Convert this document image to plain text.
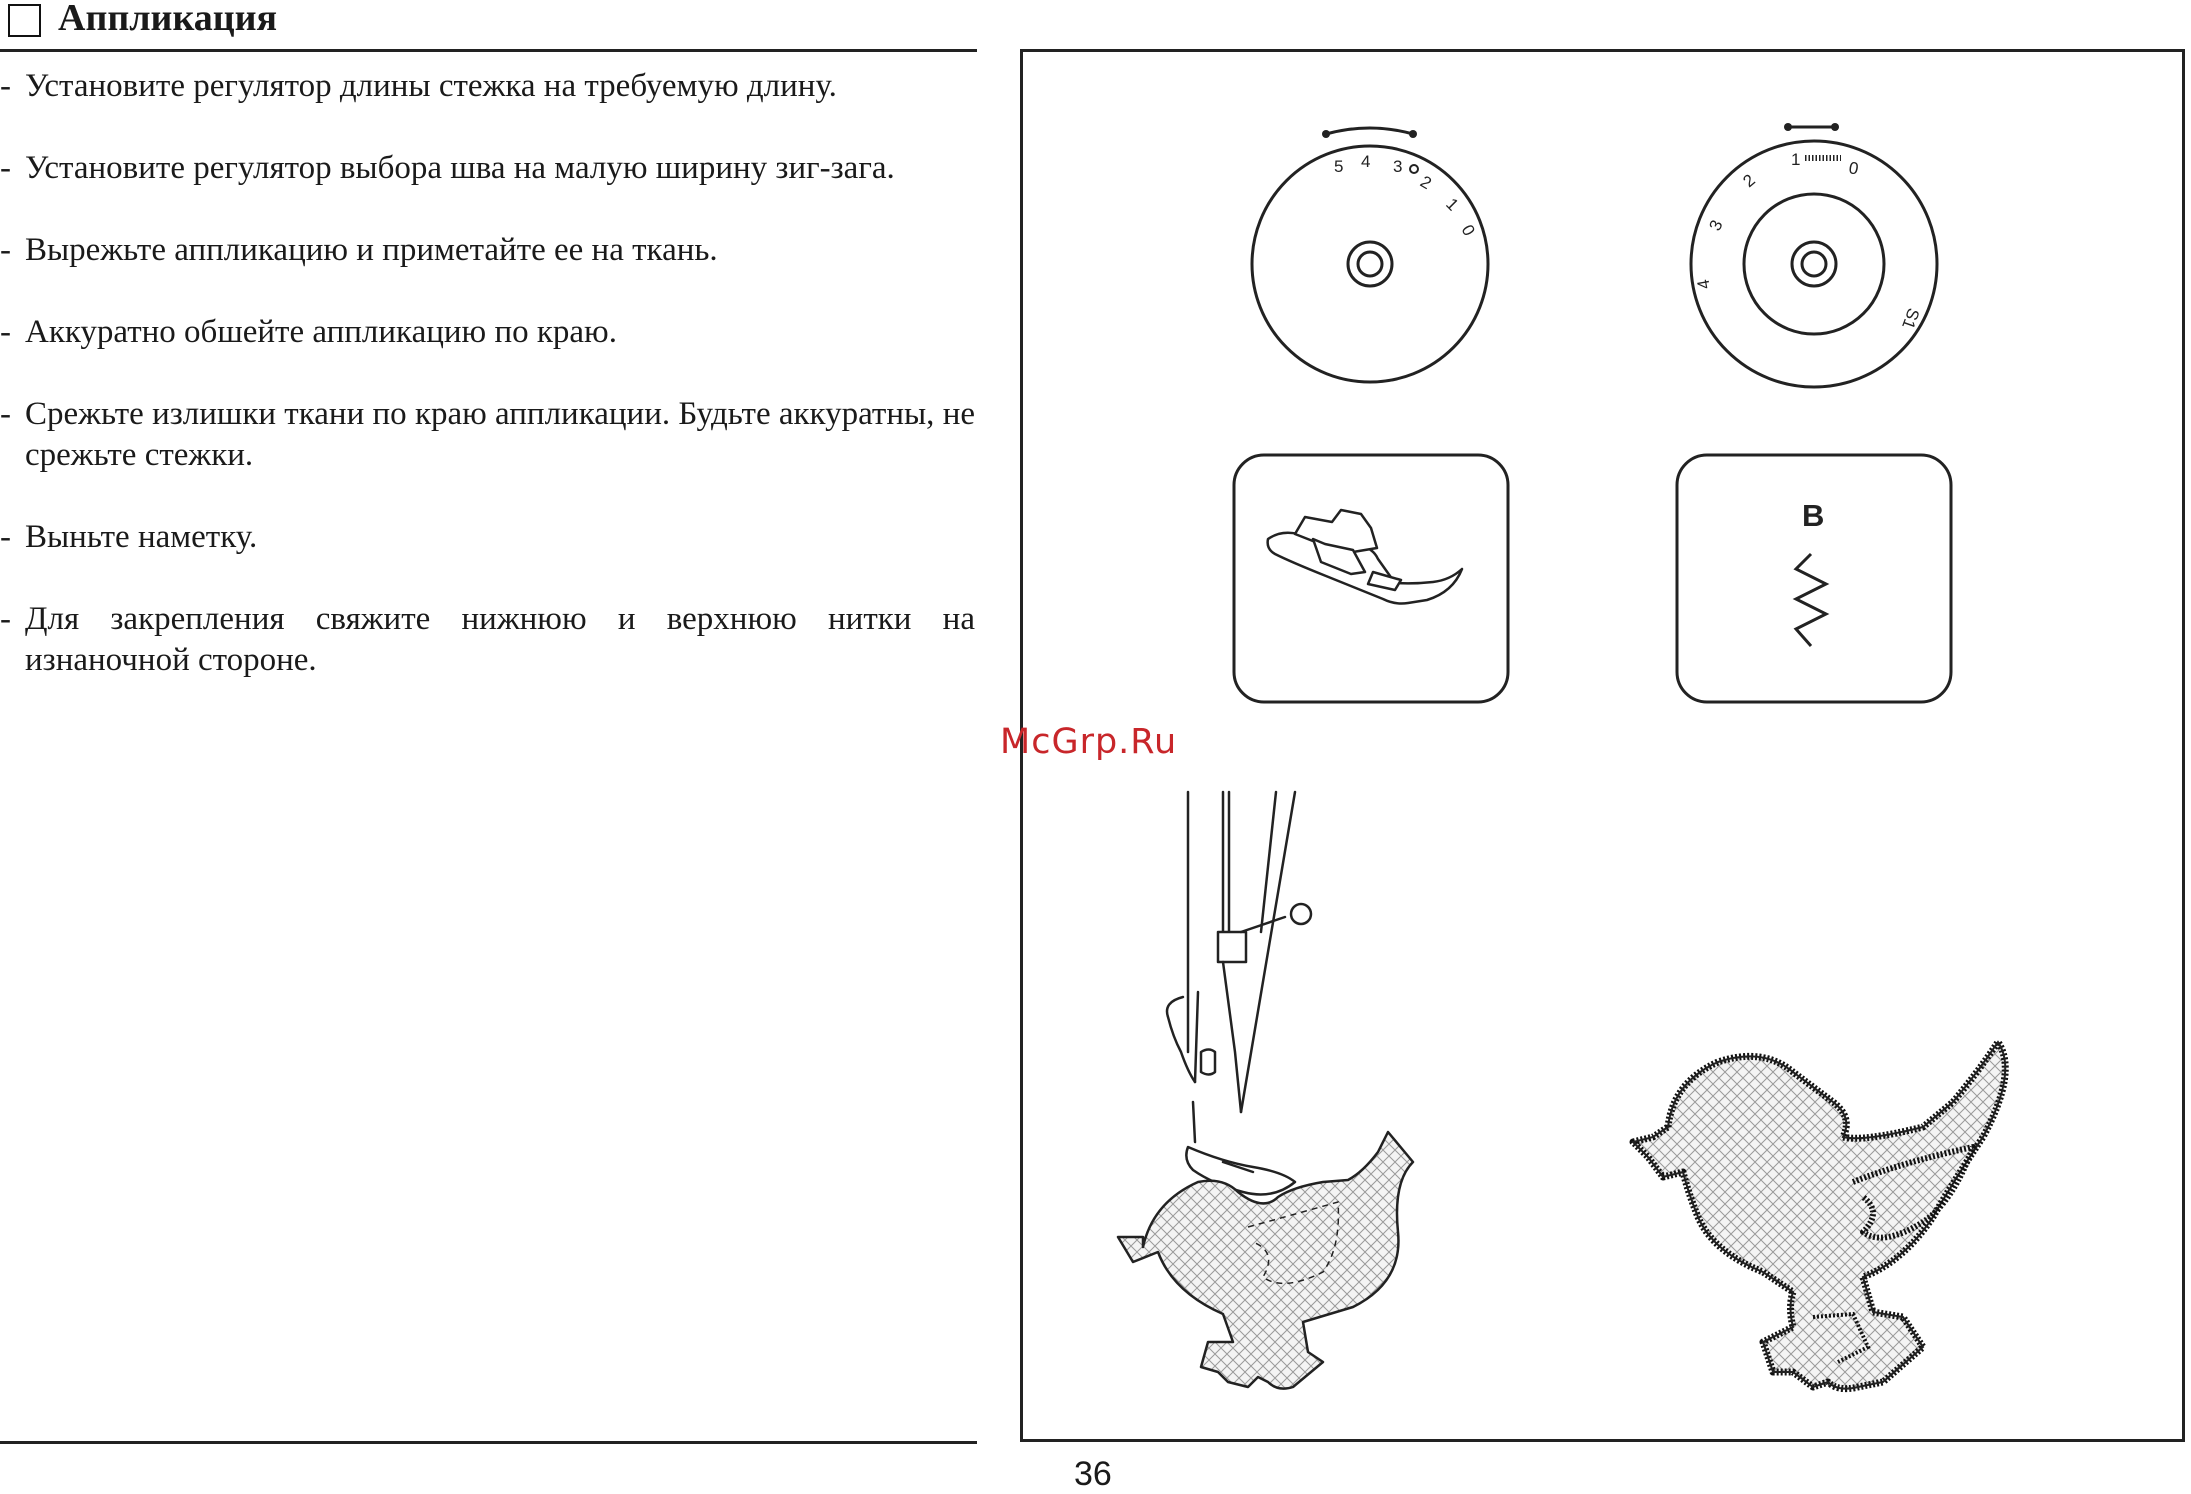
Аппликация
- Установите регулятор длины стежка на требуемую длину.
- Установите регулятор выбора шва на малую ширину зиг-зага.
- Вырежьте аппликацию и приметайте ее на ткань.
- Аккуратно обшейте аппликацию по краю.
- Срежьте излишки ткани по краю аппликации. Будьте аккуратны, не срежьте стежки.
- Выньте наметку.
- Для закрепления свяжите нижнюю и верхнюю нитки на изнаночной стороне.
5 4 3
2
1
0
4
3
2
1	0
S1
B
McGrp.Ru
36
